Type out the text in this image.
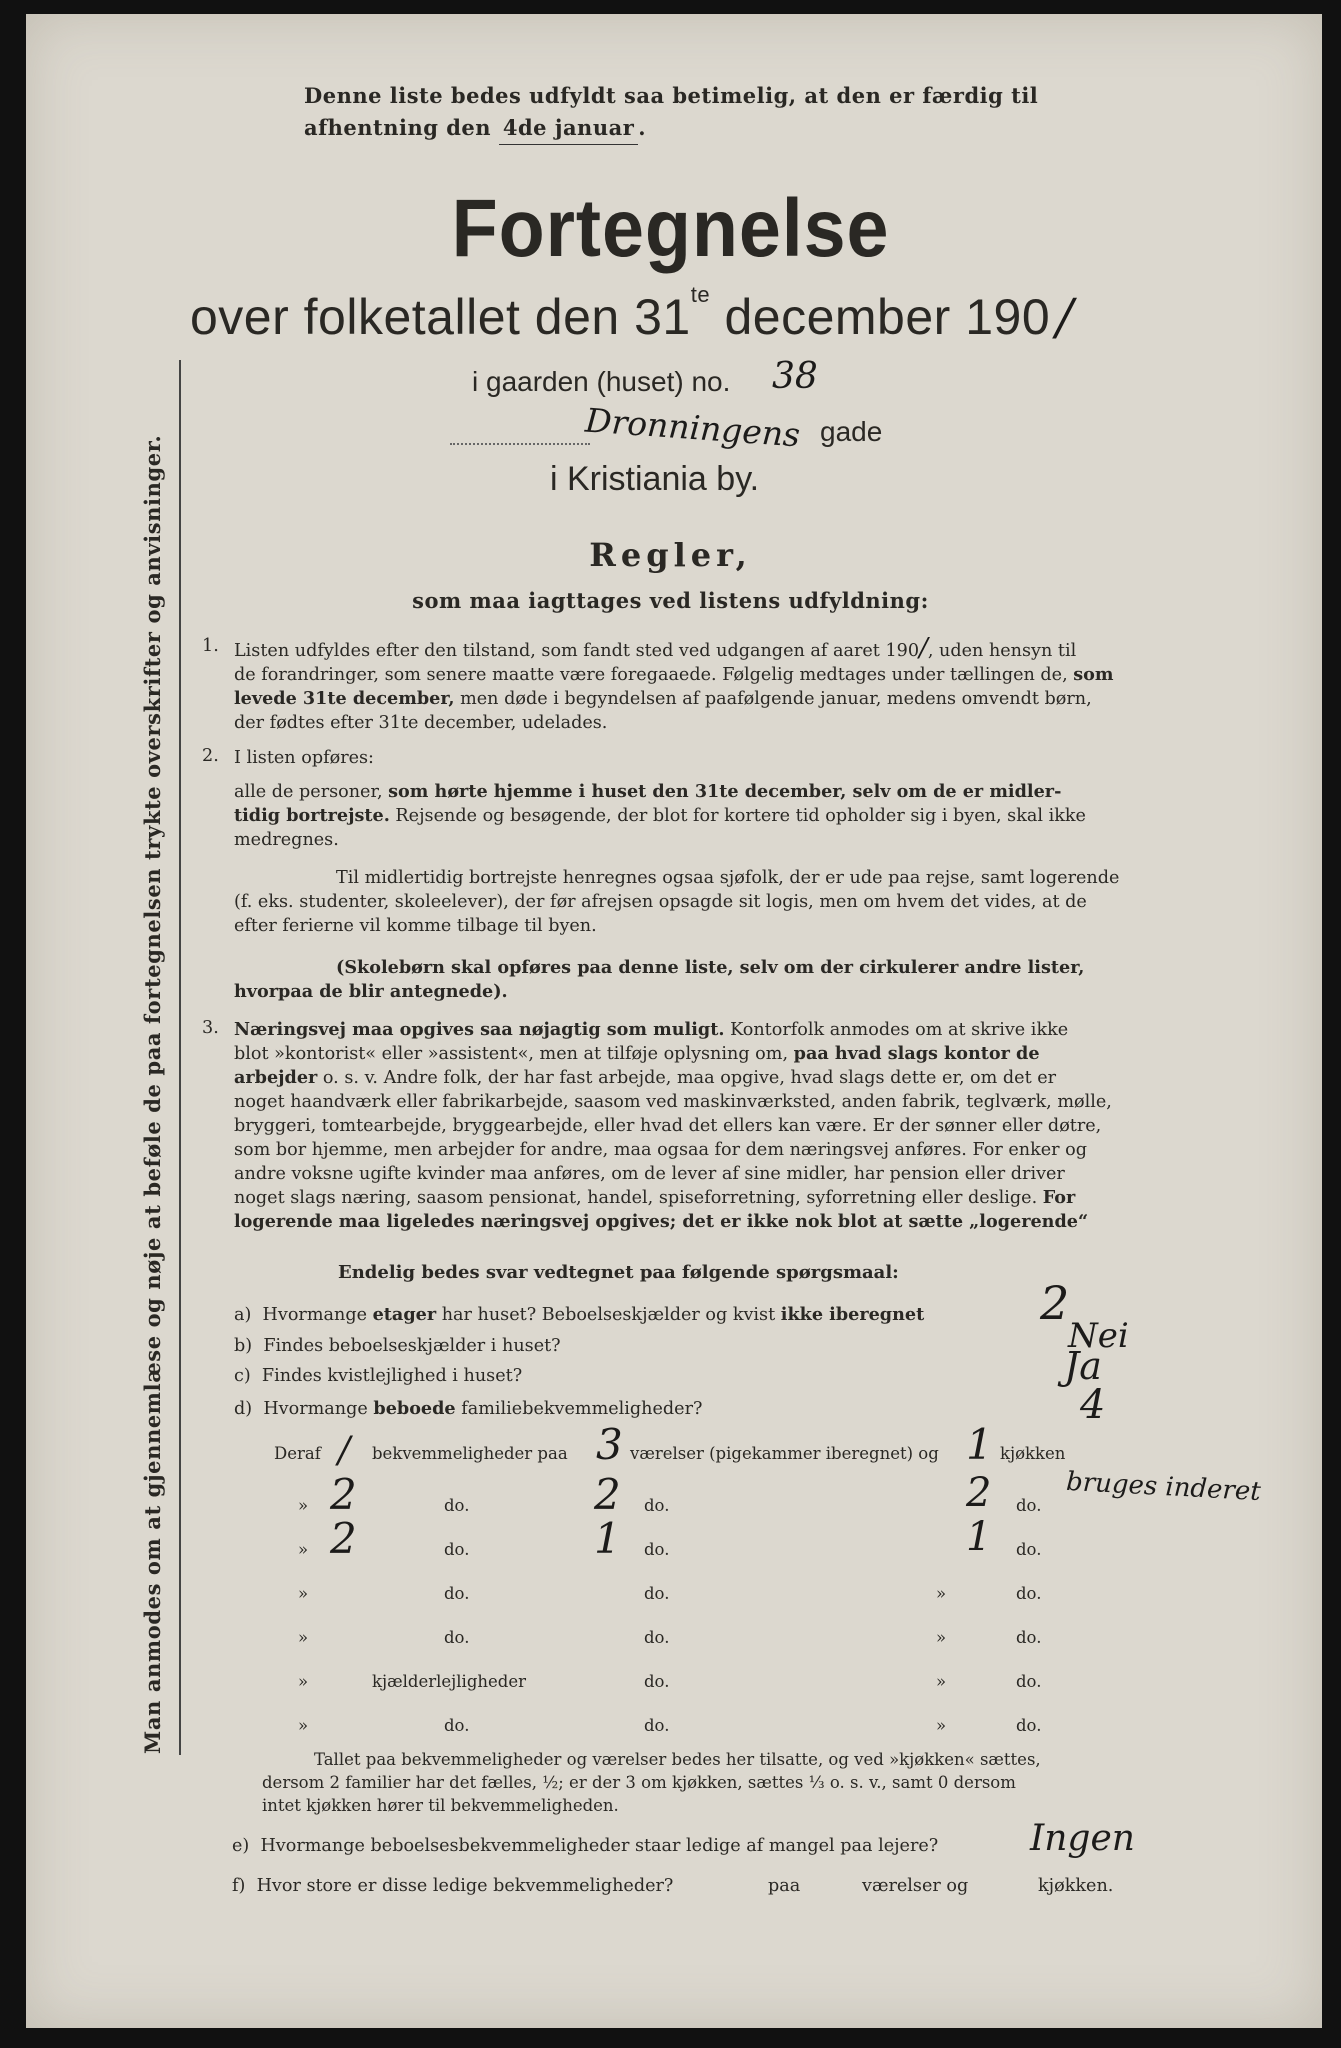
Denne liste bedes udfyldt saa betimelig, at den er færdig til
afhentning den 4de januar .
Fortegnelse
over folketallet den $31^{te}$ december 190 /
i gaarden (huset) no. 38
Dronningens gade
i Kristiania by.
Man anmodes om at gjennemlæse og nøje at beføle de paa fortegnelsen trykte overskrifter og anvisninger.	Regler,
som maa iagttages ved listens udfyldning:
1. Listen udfyldes efter den tilstand, som fandt sted ved udgangen af aaret 190/, uden hensyn til
de forandringer, som senere maatte være foregaaede. Følgelig medtages under tællingen de, som
levede 31te december, men døde i begyndelsen af paafølgende januar, medens omvendt børn,
der fødtes efter 31te december, udelades.
2. I listen opføres:
alle de personer, som hørte hjemme i huset den 31te december, selv om de er midler-
tidig bortrejste. Rejsende og besøgende, der blot for kortere tid opholder sig i byen, skal ikke
medregnes.
Til midlertidig bortrejste henregnes ogsaa sjøfolk, der er ude paa rejse, samt logerende
(f. eks. studenter, skoleelever), der før afrejsen opsagde sit logis, men om hvem det vides, at de
efter ferierne vil komme tilbage til byen.
(Skolebørn skal opføres paa denne liste, selv om der cirkulerer andre lister,
hvorpaa de blir antegnede).
3. Næringsvej maa opgives saa nøjagtig som muligt. Kontorfolk anmodes om at skrive ikke
blot »kontorist« eller »assistent«, men at tilføje oplysning om, paa hvad slags kontor de
arbejder o. s. v. Andre folk, der har fast arbejde, maa opgive, hvad slags dette er, om det er
noget haandværk eller fabrikarbejde, saasom ved maskinværksted, anden fabrik, teglværk, mølle,
bryggeri, tomtearbejde, bryggearbejde, eller hvad det ellers kan være. Er der sønner eller døtre,
som bor hjemme, men arbejder for andre, maa ogsaa for dem næringsvej anføres. For enker og
andre voksne ugifte kvinder maa anføres, om de lever af sine midler, har pension eller driver
noget slags næring, saasom pensionat, handel, spiseforretning, syforretning eller deslige. For
logerende maa ligeledes næringsvej opgives; det er ikke nok blot at sætte „logerende“
Endelig bedes svar vedtegnet paa følgende spørgsmaal:
a) Hvormange etager har huset? Beboelseskjælder og kvist ikke iberegnet	2
b) Findes beboelseskjælder i huset?	Nei
c) Findes kvistlejlighed i huset?	Ja
d) Hvormange beboede familiebekvemmeligheder?	4
Deraf / bekvemmeligheder paa 3 værelser (pigekammer iberegnet) og 1 kjøkken
bruges inderet
» 2	do.	2 do.	2 do.
» 2	do.	1 do.	1 do.
»	do.	do.	»	do.
»	do.	do.	»	do.
»	kjælderlejligheder	do.	»	do.
»	do.	do.	»	do.
Tallet paa bekvemmeligheder og værelser bedes her tilsatte, og ved »kjøkken« sættes,
dersom 2 familier har det fælles, ½; er der 3 om kjøkken, sættes ⅓ o. s. v., samt 0 dersom
intet kjøkken hører til bekvemmeligheden.
e) Hvormange beboelsesbekvemmeligheder staar ledige af mangel paa lejere?	Ingen
f) Hvor store er disse ledige bekvemmeligheder?	paa	værelser og	kjøkken.
